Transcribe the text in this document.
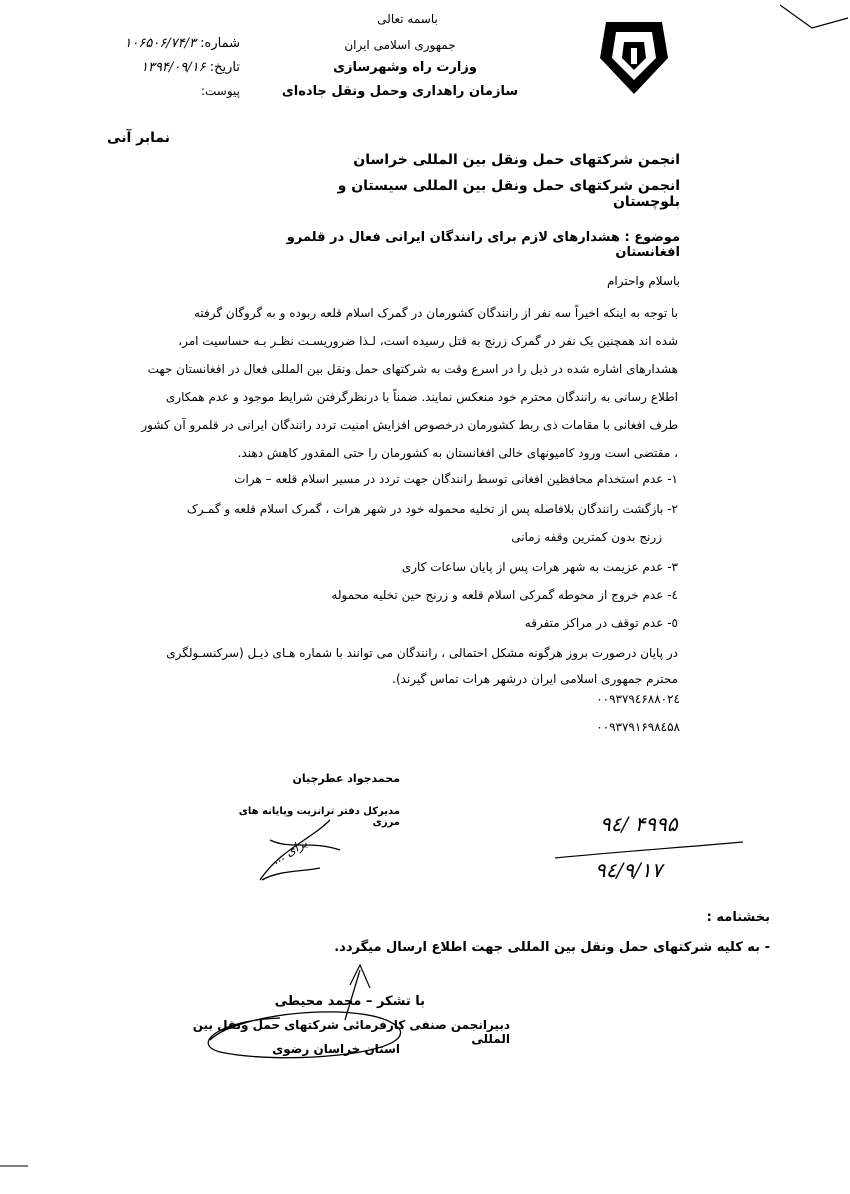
باسمه تعالی
جمهوری اسلامی ایران
وزارت راه وشهرسازی
سازمان راهداری وحمل ونقل جاده‌ای
شماره: ۱۰۶۵۰۶/۷۴/۳
تاریخ: ۱۳۹۴/۰۹/۱۶
پیوست:
نمابر آنی
انجمن شرکتهای حمل ونقل بین المللی خراسان
انجمن شرکتهای حمل ونقل بین المللی سیستان و بلوچستان
موضوع : هشدارهای لازم برای رانندگان ایرانی فعال در قلمرو افغانستان
باسلام واحترام
با توجه به اینکه اخیراً سه نفر از رانندگان کشورمان در گمرک اسلام قلعه ربوده و به گروگان گرفته
شده اند همچنین یک نفر در گمرک زرنج به قتل رسیده است، لـذا ضروریسـت نظـر بـه حساسیت امر،
هشدارهای اشاره شده در ذیل را در اسرع وقت به شرکتهای حمل ونقل بین المللی فعال در افغانستان جهت
اطلاع رسانی به رانندگان محترم خود منعکس نمایند. ضمناً با درنظرگرفتن شرایط موجود و عدم همکاری
طرف افغانی با مقامات ذی ربط کشورمان درخصوص افزایش امنیت تردد رانندگان ایرانی در قلمرو آن کشور
، مقتضی است ورود کامیونهای خالی افغانستان به کشورمان را حتی المقدور کاهش دهند.
۱- عدم استخدام محافظین افغانی توسط رانندگان جهت تردد در مسیر اسلام قلعه – هرات
۲- بازگشت رانندگان بلافاصله پس از تخلیه محموله خود در شهر هرات ، گمرک اسلام قلعه و گمـرک
زرنج بدون کمترین وقفه زمانی
۳- عدم عزیمت به شهر هرات پس از پایان ساعات کاری
٤- عدم خروج از محوطه گمرکی اسلام قلعه و زرنج حین تخلیه محموله
٥- عدم توقف در مراکز متفرقه
در پایان درصورت بروز هرگونه مشکل احتمالی ، رانندگان می توانند با شماره هـای ذیـل (سرکنسـولگری
محترم جمهوری اسلامی ایران درشهر هرات تماس گیرند).
۰۰۹۳۷۹٤۶۸۸۰۲٤
۰۰۹۳۷۹۱۶۹۸٤۵۸
محمدجواد عطرچیان
مدیرکل دفتر ترانزیت وپایانه های مرزی
برای ...
۹٤/ ۴۹۹۵
۹٤/۹/۱۷
بخشنامه :
- به کلیه شرکتهای حمل ونقل بین المللی جهت اطلاع ارسال میگردد.
با تشکر – محمد محیطی
دبیرانجمن صنفی کارفرمائی شرکتهای حمل ونقل بین المللی
استان خراسان رضوی
